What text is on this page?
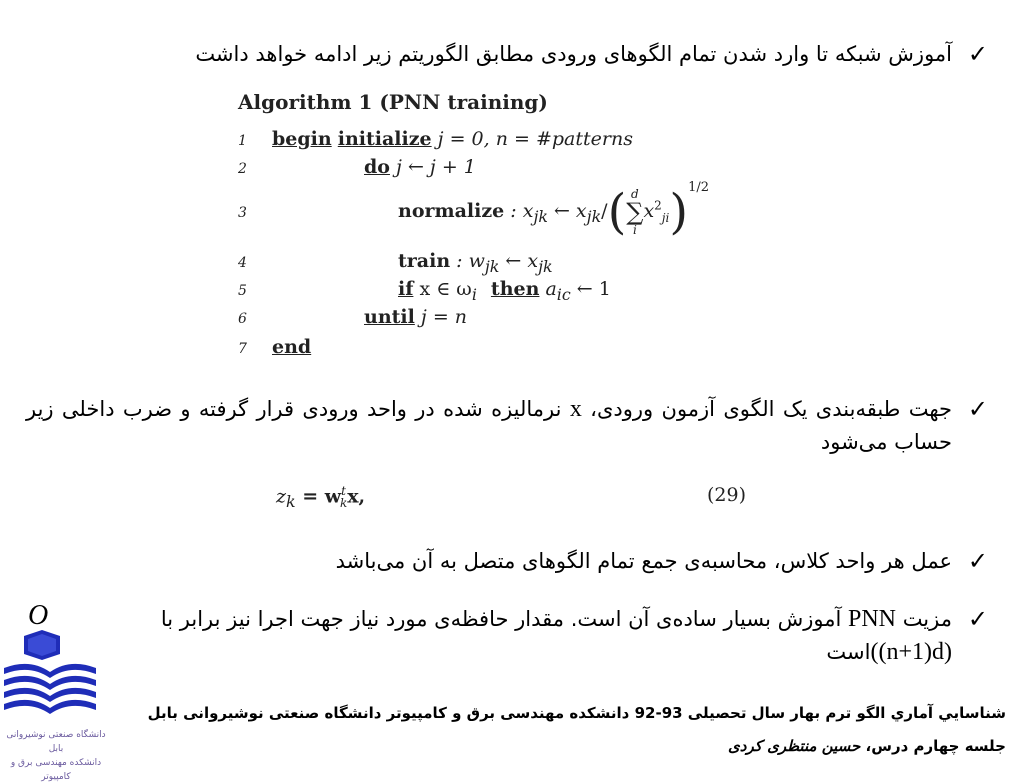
✓
آموزش شبکه تا وارد شدن تمام الگوهای ورودی مطابق الگوریتم زیر ادامه خواهد داشت
Algorithm 1 (PNN training)
1 begin initialize j = 0, n = #patterns
2	do j ← j + 1
3	normalize : $x_{jk}$ ← $x_{jk}/$( d
∑
i
$x^2_{ji})^{1/2}$
4	train : $w_{jk}$ ← $x_{jk}$
5	if x ∈ $\omega_i$ then $a_{ic}$ ← 1
6	until j = n
7 end
✓
جهت طبقه‌بندی یک الگوی آزمون ورودی، x نرمالیزه شده در واحد ورودی قرار گرفته و ضرب داخلی زیر حساب می‌شود
$z_k = w^t_kx$,	(29)
✓
عمل هر واحد کلاس، محاسبه‌ی جمع تمام الگوهای متصل به آن می‌باشد
✓
مزیت PNN آموزش بسیار ساده‌ی آن است. مقدار حافظه‌ی مورد نیاز جهت اجرا نیز برابر با
((n+1)d)است
O
شناسايي آماري الگو ترم بهار سال تحصیلی 93-92 دانشکده مهندسی برق و کامپیوتر دانشگاه صنعتی نوشیروانی بابل
جلسه چهارم درس، حسین منتظری کردی
دانشگاه صنعتی نوشیروانی بابل
دانشکده مهندسی برق و کامپیوتر
